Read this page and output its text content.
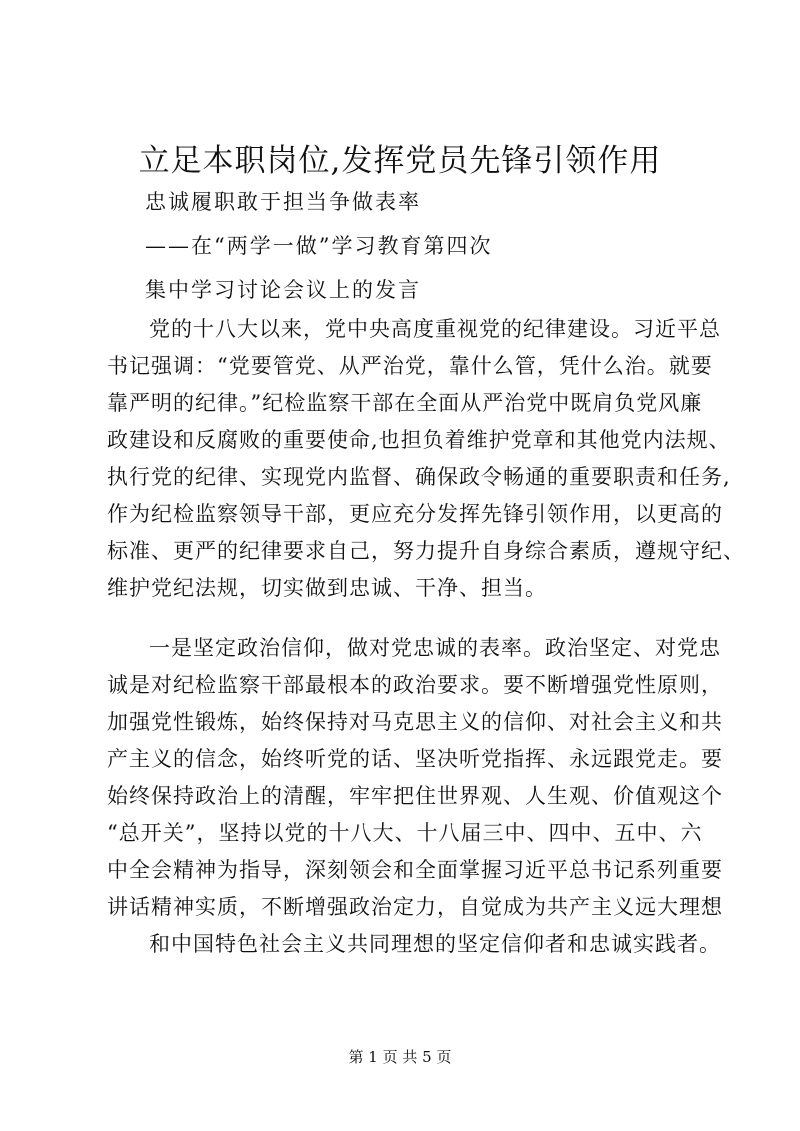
立足本职岗位,发挥党员先锋引领作用
忠诚履职敢于担当争做表率
——在“两学一做”学习教育第四次
集中学习讨论会议上的发言
党的十八大以来，党中央高度重视党的纪律建设。习近平总
书记强调：“党要管党、从严治党，靠什么管，凭什么治。就要
靠严明的纪律。”纪检监察干部在全面从严治党中既肩负党风廉
政建设和反腐败的重要使命,也担负着维护党章和其他党内法规、
执行党的纪律、实现党内监督、确保政令畅通的重要职责和任务,
作为纪检监察领导干部，更应充分发挥先锋引领作用，以更高的
标准、更严的纪律要求自己，努力提升自身综合素质，遵规守纪、
维护党纪法规，切实做到忠诚、干净、担当。
一是坚定政治信仰，做对党忠诚的表率。政治坚定、对党忠
诚是对纪检监察干部最根本的政治要求。要不断增强党性原则，
加强党性锻炼，始终保持对马克思主义的信仰、对社会主义和共
产主义的信念，始终听党的话、坚决听党指挥、永远跟党走。要
始终保持政治上的清醒，牢牢把住世界观、人生观、价值观这个
“总开关”，坚持以党的十八大、十八届三中、四中、五中、六
中全会精神为指导，深刻领会和全面掌握习近平总书记系列重要
讲话精神实质，不断增强政治定力，自觉成为共产主义远大理想
和中国特色社会主义共同理想的坚定信仰者和忠诚实践者。
第 1 页 共 5 页
